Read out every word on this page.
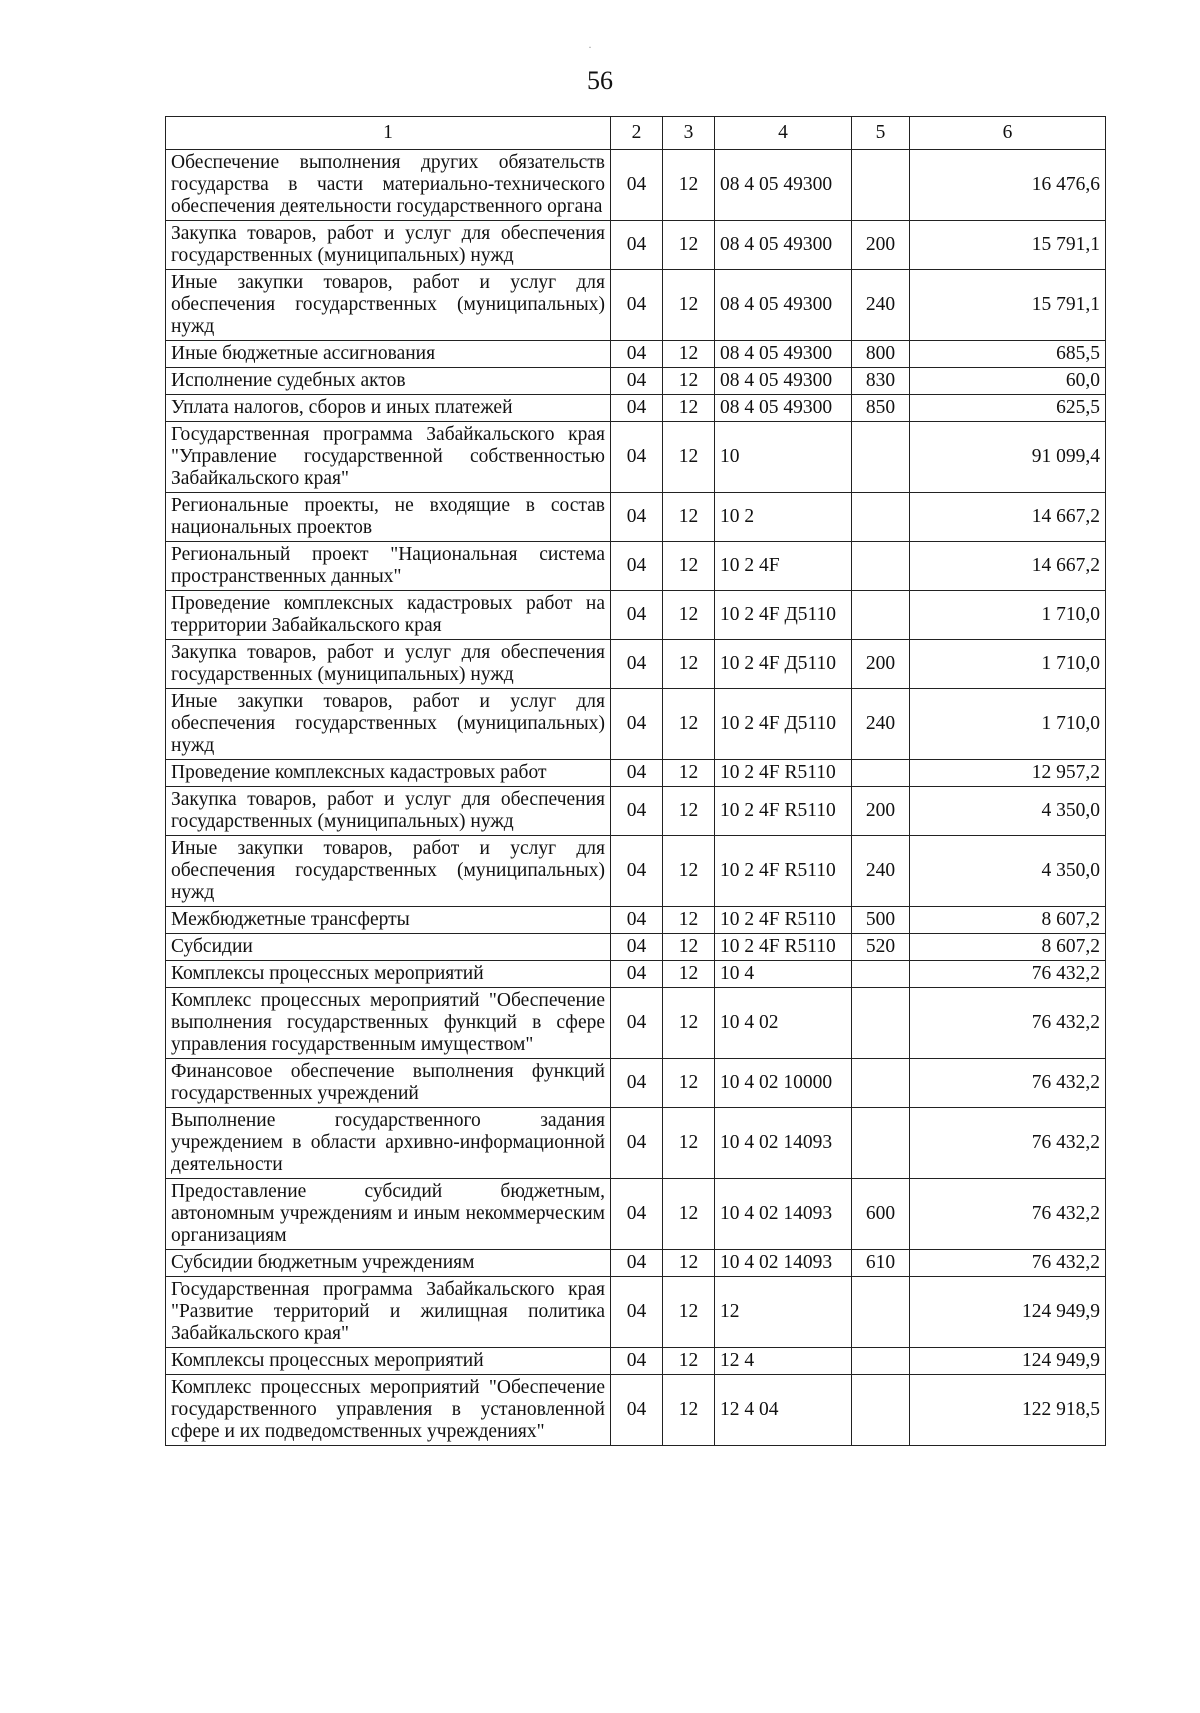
56
1	2	3	4	5	6
Обеспечение выполнения других обязательств государства в части материально-технического обеспечения деятельности государственного органа	04	12	08 4 05 49300		16 476,6
Закупка товаров, работ и услуг для обеспечения государственных (муниципальных) нужд	04	12	08 4 05 49300	200	15 791,1
Иные закупки товаров, работ и услуг для обеспечения государственных (муниципальных) нужд	04	12	08 4 05 49300	240	15 791,1
Иные бюджетные ассигнования	04	12	08 4 05 49300	800	685,5
Исполнение судебных актов	04	12	08 4 05 49300	830	60,0
Уплата налогов, сборов и иных платежей	04	12	08 4 05 49300	850	625,5
Государственная программа Забайкальского края "Управление государственной собственностью Забайкальского края"	04	12	10		91 099,4
Региональные проекты, не входящие в состав национальных проектов	04	12	10 2		14 667,2
Региональный проект "Национальная система пространственных данных"	04	12	10 2 4F		14 667,2
Проведение комплексных кадастровых работ на территории Забайкальского края	04	12	10 2 4F Д5110		1 710,0
Закупка товаров, работ и услуг для обеспечения государственных (муниципальных) нужд	04	12	10 2 4F Д5110	200	1 710,0
Иные закупки товаров, работ и услуг для обеспечения государственных (муниципальных) нужд	04	12	10 2 4F Д5110	240	1 710,0
Проведение комплексных кадастровых работ	04	12	10 2 4F R5110		12 957,2
Закупка товаров, работ и услуг для обеспечения государственных (муниципальных) нужд	04	12	10 2 4F R5110	200	4 350,0
Иные закупки товаров, работ и услуг для обеспечения государственных (муниципальных) нужд	04	12	10 2 4F R5110	240	4 350,0
Межбюджетные трансферты	04	12	10 2 4F R5110	500	8 607,2
Субсидии	04	12	10 2 4F R5110	520	8 607,2
Комплексы процессных мероприятий	04	12	10 4		76 432,2
Комплекс процессных мероприятий "Обеспечение выполнения государственных функций в сфере управления государственным имуществом"	04	12	10 4 02		76 432,2
Финансовое обеспечение выполнения функций государственных учреждений	04	12	10 4 02 10000		76 432,2
Выполнение государственного задания учреждением в области архивно-информационной деятельности	04	12	10 4 02 14093		76 432,2
Предоставление субсидий бюджетным, автономным учреждениям и иным некоммерческим организациям	04	12	10 4 02 14093	600	76 432,2
Субсидии бюджетным учреждениям	04	12	10 4 02 14093	610	76 432,2
Государственная программа Забайкальского края "Развитие территорий и жилищная политика Забайкальского края"	04	12	12		124 949,9
Комплексы процессных мероприятий	04	12	12 4		124 949,9
Комплекс процессных мероприятий "Обеспечение государственного управления в установленной сфере и их подведомственных учреждениях"	04	12	12 4 04		122 918,5
·
